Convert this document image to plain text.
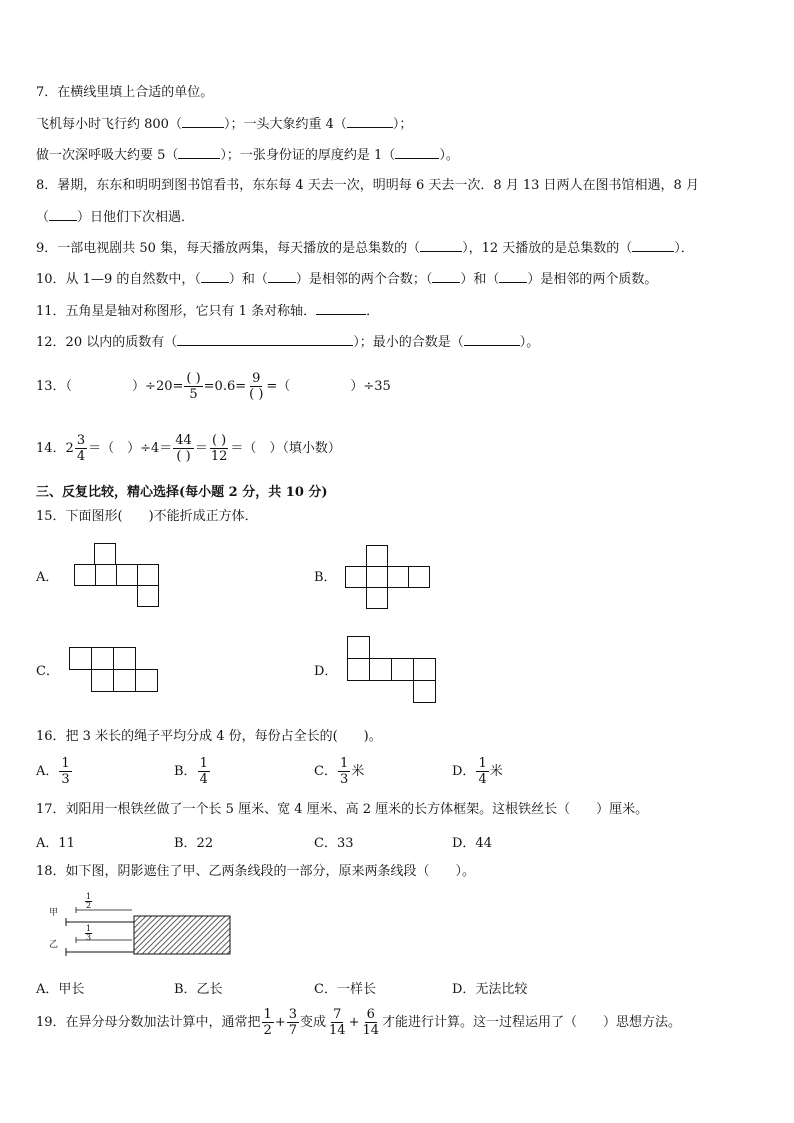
7．在横线里填上合适的单位。
飞机每小时飞行约 800（	）；一头大象约重 4（	）；
做一次深呼吸大约要 5（	）；一张身份证的厚度约是 1（	）。
8．暑期，东东和明明到图书馆看书，东东每 4 天去一次，明明每 6 天去一次．8 月 13 日两人在图书馆相遇，8 月
（ ）日他们下次相遇．
9．一部电视剧共 50 集，每天播放两集，每天播放的是总集数的（	），12 天播放的是总集数的（	）．
10．从 1—9 的自然数中，（ ）和（ ）是相邻的两个合数；（ ）和（ ）是相邻的两个质数。
11．五角星是轴对称图形，它只有 1 条对称轴．	．
12．20 以内的质数有（	）；最小的合数是（	）。
13．（	）$\div 20= \frac{( )}{5} =0.6= \frac{9}{( )}$ =（	）÷35
14．$2 \frac{3}{4}$ ＝（　）$\div 4= \frac{44}{( )} = \frac{( )}{12}$ ＝（　）（填小数）
三、反复比较，精心选择(每小题 2 分，共 10 分)
15．下面图形(　　)不能折成正方体．
A．	B．
C．	D．
16．把 3 米长的绳子平均分成 4 份，每份占全长的(　　)。
A． $\frac{1}{3}$	B． $\frac{1}{4}$	C． $\frac{1}{3}$ 米	D． $\frac{1}{4}$ 米
17．刘阳用一根铁丝做了一个长 5 厘米、宽 4 厘米、高 2 厘米的长方体框架。这根铁丝长（　　）厘米。
A．11	B．22	C．33	D．44
18．如下图，阴影遮住了甲、乙两条线段的一部分，原来两条线段（　　）。
甲
乙
1
2
1
3
A．甲长	B．乙长	C．一样长	D．无法比较
19．在异分母分数加法计算中，通常把 $\frac{1}{2} + \frac{3}{7}$ 变成 $\frac{7}{14} + \frac{6}{14}$ 才能进行计算。这一过程运用了（　　）思想方法。
